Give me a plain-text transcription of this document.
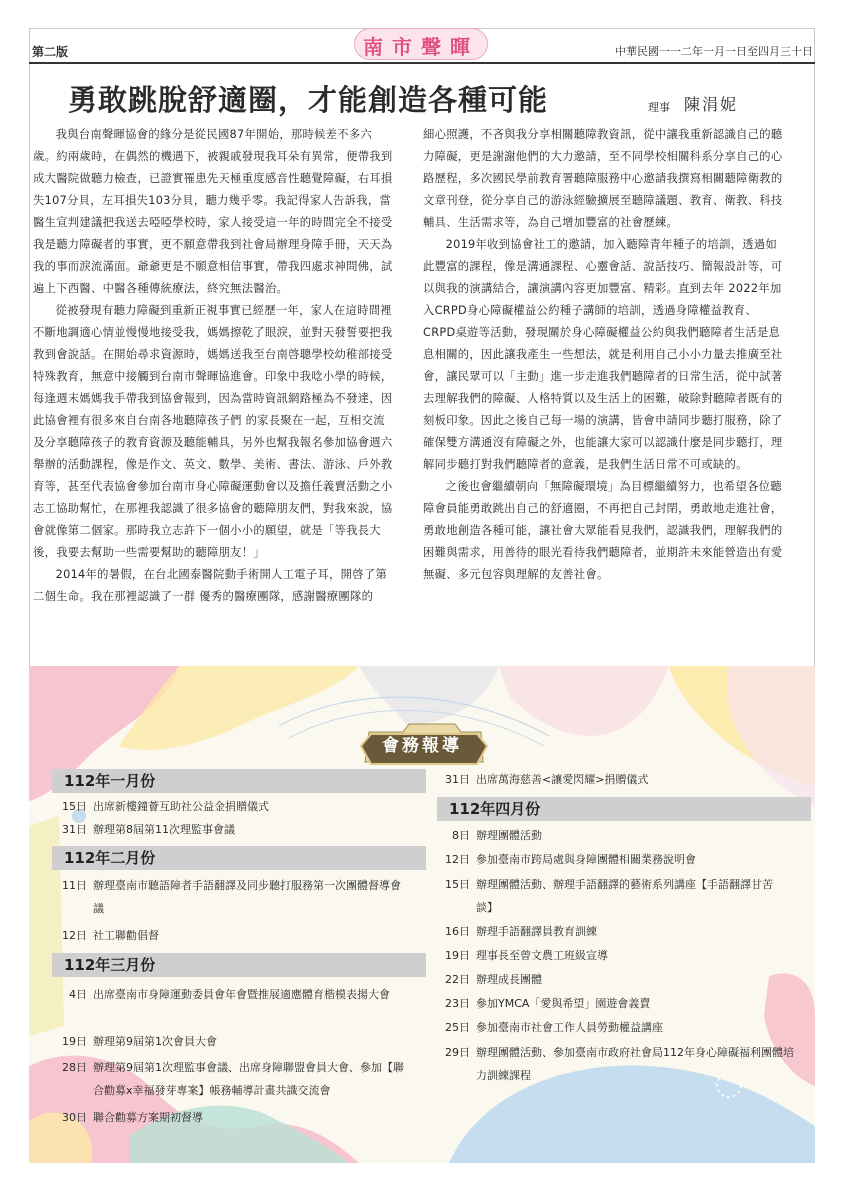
第二版	南市聲暉	中華民國一一二年一月一日至四月三十日
勇敢跳脫舒適圈，才能創造各種可能	理事 陳涓妮

我與台南聲暉協會的緣分是從民國87年開始，那時候差不多六歲。約兩歲時，在偶然的機遇下，被親戚發現我耳朵有異常，便帶我到成大醫院做聽力檢查，已證實罹患先天極重度感音性聽覺障礙，右耳損失107分貝，左耳損失103分貝，聽力幾乎零。我記得家人告訴我，當醫生宣判建議把我送去啞啞學校時，家人接受這一年的時間完全不接受我是聽力障礙者的事實，更不願意帶我到社會局辦理身障手冊，天天為我的事而淚流滿面。爺爺更是不願意相信事實，帶我四處求神問佛，試遍上下西醫、中醫各種傳統療法，終究無法醫治。

從被發現有聽力障礙到重新正視事實已經歷一年，家人在這時間裡不斷地調適心情並慢慢地接受我，媽媽擦乾了眼淚，並對天發誓要把我教到會說話。在開始尋求資源時，媽媽送我至台南啓聰學校幼稚部接受特殊教育，無意中接觸到台南市聲暉協進會。印象中我唸小學的時候，每逢週末媽媽我手帶我到協會報到，因為當時資訊網路極為不發達，因此協會裡有很多來自台南各地聽障孩子們 的家長聚在一起，互相交流及分享聽障孩子的教育資源及聽能輔具，另外也幫我報名參加協會週六 舉辦的活動課程，像是作文、英文、數學、美術、書法、游泳、戶外教育等，甚至代表協會參加台南市身心障礙運動會以及擔任義賣活動之小志工協助幫忙，在那裡我認識了很多協會的聽障朋友們，對我來說，協會就像第二個家。那時我立志許下一個小小的願望，就是「等我長大後，我要去幫助一些需要幫助的聽障朋友！」

2014年的暑假，在台北國泰醫院動手術開人工電子耳，開啓了第二個生命。我在那裡認識了一群 優秀的醫療團隊，感謝醫療團隊的

細心照護，不吝與我分享相關聽障教資訊，從中讓我重新認識自己的聽力障礙，更是謝謝他們的大力邀請，至不同學校相關科系分享自己的心路歷程，多次國民學前教育署聽障服務中心邀請我撰寫相關聽障衛教的文章刊登，從分享自己的游泳經驗擴展至聽障議題、教育、衛教、科技輔具、生活需求等，為自己增加豐富的社會歷練。

2019年收到協會社工的邀請，加入聽障青年種子的培訓，透過如此豐富的課程，像是溝通課程、心靈會話、說話技巧、簡報設計等，可以與我的演講結合，讓演講內容更加豐富、精彩。直到去年 2022年加入CRPD身心障礙權益公約種子講師的培訓，透過身障權益教育、CRPD桌遊等活動，發現關於身心障礙權益公約與我們聽障者生活是息息相關的，因此讓我產生一些想法，就是利用自己小小力量去推廣至社會，讓民眾可以「主動」進一步走進我們聽障者的日常生活，從中試著去理解我們的障礙、人格特質以及生活上的困難，破除對聽障者既有的刻板印象。因此之後自己每一場的演講，皆會申請同步聽打服務，除了確保雙方溝通沒有障礙之外，也能讓大家可以認識什麼是同步聽打，理解同步聽打對我們聽障者的意義，是我們生活日常不可或缺的。

之後也會繼續朝向「無障礙環境」為目標繼續努力，也希望各位聽障會員能勇敢跳出自己的舒適圈，不再把自己封閉，勇敢地走進社會，勇敢地創造各種可能，讓社會大眾能看見我們，認識我們，理解我們的困難與需求，用善待的眼光看待我們聽障者，並期許未來能營造出有愛無礙、多元包容與理解的友善社會。

會務報導
112年一月份
15日 出席新樓鐘薈互助社公益金捐贈儀式
31日 辦理第8屆第11次理監事會議
112年二月份
11日 辦理臺南市聽語障者手語翻譯及同步聽打服務第一次團體督導會議
12日 社工聯勸倡督
112年三月份
4日 出席臺南市身障運動委員會年會暨推展適應體育楷模表揚大會
19日 辦理第9屆第1次會員大會
28日 辦理第9屆第1次理監事會議、出席身障聯盟會員大會、參加【聯合勸募x幸福發芽專案】帳務輔導計畫共識交流會
30日 聯合勸募方案期初督導
31日 出席萬海慈善<讓愛閃耀>捐贈儀式
112年四月份
8日 辦理團體活動
12日 參加臺南市跨局處與身障團體相關業務說明會
15日 辦理團體活動、辦理手語翻譯的藝術系列講座【手語翻譯甘苦談】
16日 辦理手語翻譯員教育訓練
19日 理事長至曾文農工班級宣導
22日 辦理成長團體
23日 參加YMCA「愛與希望」園遊會義賣
25日 參加臺南市社會工作人員勞動權益講座
29日 辦理團體活動、參加臺南市政府社會局112年身心障礙福利團體培力訓練課程
